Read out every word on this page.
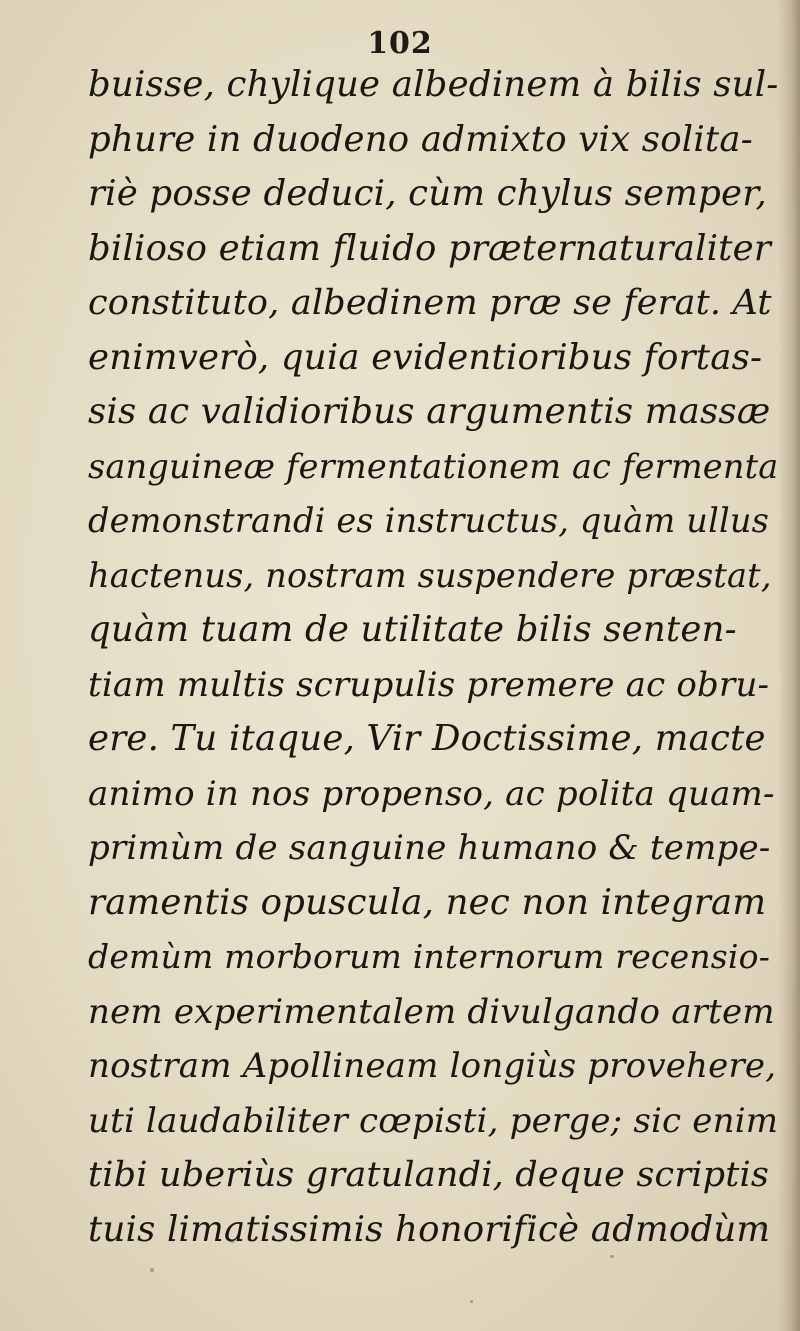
102
buisse, chylique albedinem à bilis sul-
phure in duodeno admixto vix solita-
riè posse deduci, cùm chylus semper,
bilioso etiam fluido præternaturaliter
constituto, albedinem præ se ferat. At
enimverò, quia evidentioribus fortas-
sis ac validioribus argumentis massæ
sanguineæ fermentationem ac fermenta
demonstrandi es instructus, quàm ullus
hactenus, nostram suspendere præstat,
quàm tuam de utilitate bilis senten-
tiam multis scrupulis premere ac obru-
ere. Tu itaque, Vir Doctissime, macte
animo in nos propenso, ac polita quam-
primùm de sanguine humano & tempe-
ramentis opuscula, nec non integram
demùm morborum internorum recensio-
nem experimentalem divulgando artem
nostram Apollineam longiùs provehere,
uti laudabiliter cœpisti, perge; sic enim
tibi uberiùs gratulandi, deque scriptis
tuis limatissimis honorificè admodùm
